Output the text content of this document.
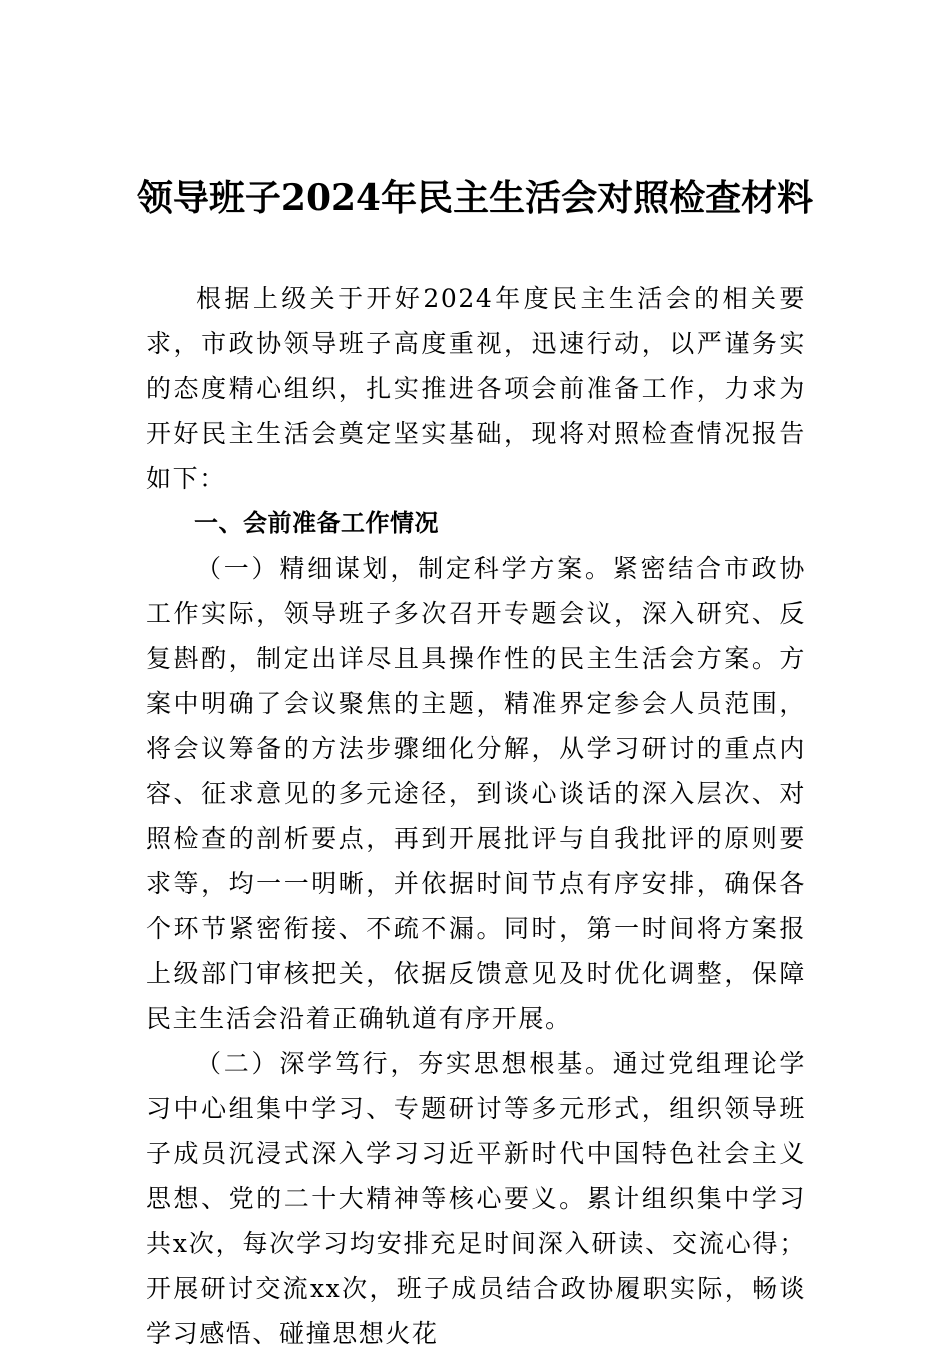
领导班子2024年民主生活会对照检查材料

根据上级关于开好2024年度民主生活会的相关要求，市政协领导班子高度重视，迅速行动，以严谨务实的态度精心组织，扎实推进各项会前准备工作，力求为开好民主生活会奠定坚实基础，现将对照检查情况报告如下：

一、会前准备工作情况

（一）精细谋划，制定科学方案。紧密结合市政协工作实际，领导班子多次召开专题会议，深入研究、反复斟酌，制定出详尽且具操作性的民主生活会方案。方案中明确了会议聚焦的主题，精准界定参会人员范围，将会议筹备的方法步骤细化分解，从学习研讨的重点内容、征求意见的多元途径，到谈心谈话的深入层次、对照检查的剖析要点，再到开展批评与自我批评的原则要求等，均一一明晰，并依据时间节点有序安排，确保各个环节紧密衔接、不疏不漏。同时，第一时间将方案报上级部门审核把关，依据反馈意见及时优化调整，保障民主生活会沿着正确轨道有序开展。

（二）深学笃行，夯实思想根基。通过党组理论学习中心组集中学习、专题研讨等多元形式，组织领导班子成员沉浸式深入学习习近平新时代中国特色社会主义思想、党的二十大精神等核心要义。累计组织集中学习共x次，每次学习均安排充足时间深入研读、交流心得；开展研讨交流xx次，班子成员结合政协履职实际，畅谈学习感悟、碰撞思想火花
